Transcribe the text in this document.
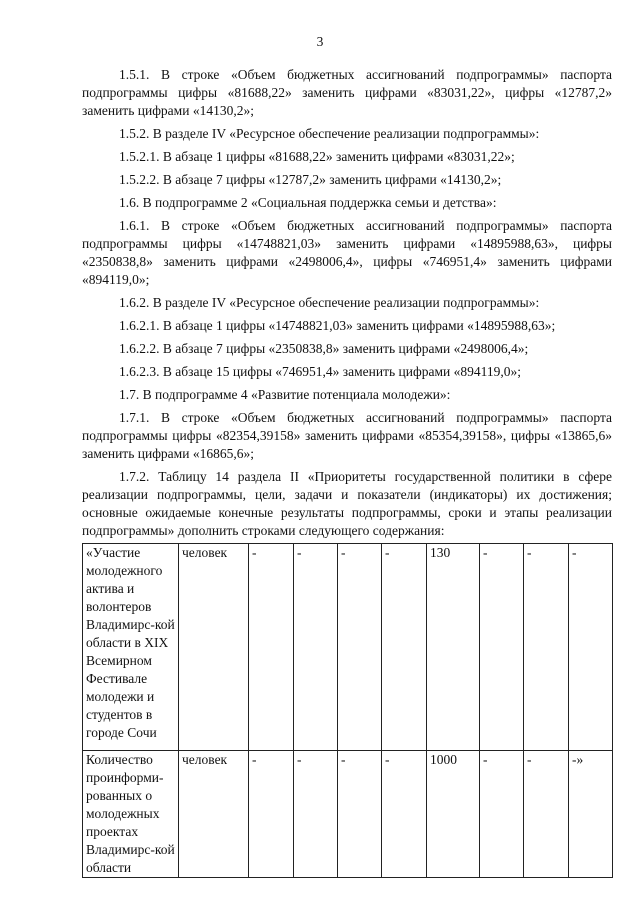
3

1.5.1. В строке «Объем бюджетных ассигнований подпрограммы» паспорта подпрограммы цифры «81688,22» заменить цифрами «83031,22», цифры «12787,2» заменить цифрами «14130,2»;

1.5.2. В разделе IV «Ресурсное обеспечение реализации подпрограммы»:

1.5.2.1. В абзаце 1 цифры «81688,22» заменить цифрами «83031,22»;

1.5.2.2. В абзаце 7 цифры «12787,2» заменить цифрами «14130,2»;

1.6. В подпрограмме 2 «Социальная поддержка семьи и детства»:

1.6.1. В строке «Объем бюджетных ассигнований подпрограммы» паспорта подпрограммы цифры «14748821,03» заменить цифрами «14895988,63», цифры «2350838,8» заменить цифрами «2498006,4», цифры «746951,4» заменить цифрами «894119,0»;

1.6.2. В разделе IV «Ресурсное обеспечение реализации подпрограммы»:

1.6.2.1. В абзаце 1 цифры «14748821,03» заменить цифрами «14895988,63»;

1.6.2.2. В абзаце 7 цифры «2350838,8» заменить цифрами «2498006,4»;

1.6.2.3. В абзаце 15 цифры «746951,4» заменить цифрами «894119,0»;

1.7. В подпрограмме 4 «Развитие потенциала молодежи»:

1.7.1. В строке «Объем бюджетных ассигнований подпрограммы» паспорта подпрограммы цифры «82354,39158» заменить цифрами «85354,39158», цифры «13865,6» заменить цифрами «16865,6»;

1.7.2. Таблицу 14 раздела II «Приоритеты государственной политики в сфере реализации подпрограммы, цели, задачи и показатели (индикаторы) их достижения; основные ожидаемые конечные результаты подпрограммы, сроки и этапы реализации подпрограммы» дополнить строками следующего содержания:

«Участие молодежного актива и волонтеров Владимирс-кой области в XIX Всемирном Фестивале молодежи и студентов в городе Сочи	человек	-	-	-	-	130	-	-	-
Количество проинформи-рованных о молодежных проектах Владимирс-кой области	человек	-	-	-	-	1000	-	-	-»
